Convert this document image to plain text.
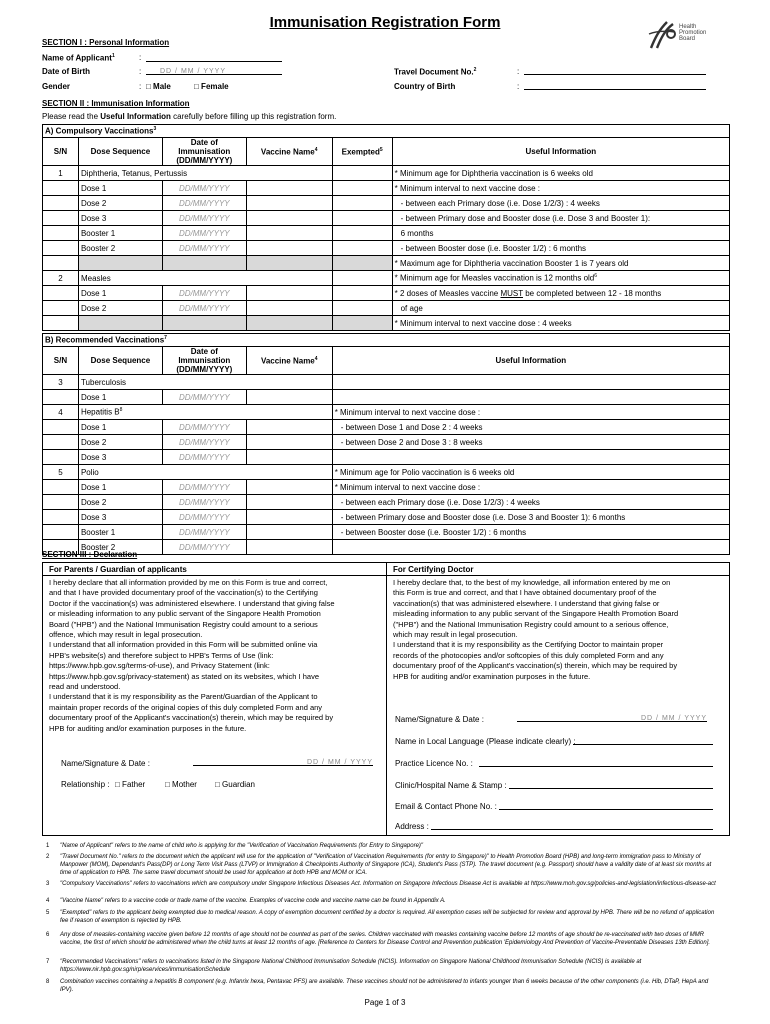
Immunisation Registration Form	Health
Promotion
Board
SECTION I : Personal Information
Name of Applicant$^1$	:
Date of Birth	:	DD / MM / YYYY
Gender	: □ Male	□ Female
Travel Document No.$^2$	:
Country of Birth	:
SECTION II : Immunisation Information
Please read the Useful Information carefully before filling up this registration form.
A) Compulsory Vaccinations$^3$
S/N	Dose Sequence	Date of Immunisation (DD/MM/YYYY)	Vaccine Name$^4$	Exempted$^5$	Useful Information
1	Diphtheria, Tetanus, Pertussis				* Minimum age for Diphtheria vaccination is 6 weeks old
	Dose 1	DD/MM/YYYY			* Minimum interval to next vaccine dose :
	Dose 2	DD/MM/YYYY			- between each Primary dose (i.e. Dose 1/2/3) : 4 weeks
	Dose 3	DD/MM/YYYY			- between Primary dose and Booster dose (i.e. Dose 3 and Booster 1):
	Booster 1	DD/MM/YYYY			6 months
	Booster 2	DD/MM/YYYY			- between Booster dose (i.e. Booster 1/2) : 6 months
					* Maximum age for Diphtheria vaccination Booster 1 is 7 years old
2	Measles				* Minimum age for Measles vaccination is 12 months old$^6$
	Dose 1	DD/MM/YYYY			* 2 doses of Measles vaccine MUST be completed between 12 - 18 months
	Dose 2	DD/MM/YYYY			of age
					* Minimum interval to next vaccine dose : 4 weeks
B) Recommended Vaccinations$^7$
S/N	Dose Sequence	Date of Immunisation (DD/MM/YYYY)	Vaccine Name$^4$	Useful Information
3	Tuberculosis			
	Dose 1	DD/MM/YYYY		
4	Hepatitis $B^8$			* Minimum interval to next vaccine dose :
	Dose 1	DD/MM/YYYY		- between Dose 1 and Dose 2 : 4 weeks
	Dose 2	DD/MM/YYYY		- between Dose 2 and Dose 3 : 8 weeks
	Dose 3	DD/MM/YYYY		
5	Polio			* Minimum age for Polio vaccination is 6 weeks old
	Dose 1	DD/MM/YYYY		* Minimum interval to next vaccine dose :
	Dose 2	DD/MM/YYYY		- between each Primary dose (i.e. Dose 1/2/3) : 4 weeks
	Dose 3	DD/MM/YYYY		- between Primary dose and Booster dose (i.e. Dose 3 and Booster 1): 6 months
	Booster 1	DD/MM/YYYY		- between Booster dose (i.e. Booster 1/2) : 6 months
	Booster 2	DD/MM/YYYY		
SECTION III : Declaration
For Parents / Guardian of applicants

I hereby declare that all information provided by me on this Form is true and correct,

and that I have provided documentary proof of the vaccination(s) to the Certifying

Doctor if the vaccination(s) was administered elsewhere. I understand that giving false

or misleading information to any public servant of the Singapore Health Promotion

Board ("HPB") and the National Immunisation Registry could amount to a serious

offence, which may result in legal prosecution.

I understand that all information provided in this Form will be submitted online via

HPB's website(s) and therefore subject to HPB's Terms of Use (link:

https://www.hpb.gov.sg/terms-of-use), and Privacy Statement (link:

https://www.hpb.gov.sg/privacy-statement) as stated on its websites, which I have

read and understood.

I understand that it is my responsibility as the Parent/Guardian of the Applicant to

maintain proper records of the original copies of this duly completed Form and any

documentary proof of the Applicant's vaccination(s) therein, which may be required by

HPB for auditing and/or examination purposes in the future.

Name/Signature & Date :	DD / MM / YYYY
Relationship : □ Father □ Mother □ Guardian
For Certifying Doctor

I hereby declare that, to the best of my knowledge, all information entered by me on

this Form is true and correct, and that I have obtained documentary proof of the

vaccination(s) that was administered elsewhere. I understand that giving false or

misleading information to any public servant of the Singapore Health Promotion Board

("HPB") and the National Immunisation Registry could amount to a serious offence,

which may result in legal prosecution.

I understand that it is my responsibility as the Certifying Doctor to maintain proper

records of the photocopies and/or softcopies of this duly completed Form and any

documentary proof of the Applicant's vaccination(s) therein, which may be required by

HPB for auditing and/or examination purposes in the future.

Name/Signature & Date :	DD / MM / YYYY
Name in Local Language (Please indicate clearly) :
Practice Licence No. :
Clinic/Hospital Name & Stamp :
Email & Contact Phone No. :
Address :
1 "Name of Applicant" refers to the name of child who is applying for the "Verification of Vaccination Requirements (for Entry to Singapore)"
2 "Travel Document No." refers to the document which the applicant will use for the application of "Verification of Vaccination Requirements (for entry to Singapore)" to Health Promotion Board (HPB) and long-term immigration pass to Ministry of Manpower (MOM), Dependant's Pass(DP) or Long Term Visit Pass (LTVP) or Immigration & Checkpoints Authority of Singapore (ICA), Student's Pass (STP). The travel document (e.g. Passport) should have a validity date of at least six months at time of application to HPB. The same travel document should be used for application at both HPB and MOM or ICA.
3 "Compulsory Vaccinations" refers to vaccinations which are compulsory under Singapore Infectious Diseases Act. Information on Singapore Infectious Disease Act is available at https://www.moh.gov.sg/policies-and-legislation/infectious-disease-act
4 "Vaccine Name" refers to a vaccine code or trade name of the vaccine. Examples of vaccine code and vaccine name can be found in Appendix A.
5 "Exempted" refers to the applicant being exempted due to medical reason. A copy of exemption document certified by a doctor is required. All exemption cases will be subjected for review and approval by HPB. There will be no refund of application fee if reason of exemption is rejected by HPB.
6 Any dose of measles-containing vaccine given before 12 months of age should not be counted as part of the series. Children vaccinated with measles containing vaccine before 12 months of age should be re-vaccinated with two doses of MMR vaccine, the first of which should be administered when the child turns at least 12 months of age. [Reference to Centers for Disease Control and Prevention publication 'Epidemiology And Prevention of Vaccine-Preventable Diseases 13th Edition].
7 "Recommended Vaccinations" refers to vaccinations listed in the Singapore National Childhood Immunisation Schedule (NCIS). Information on Singapore National Childhood Immunisation Schedule (NCIS) is available at https://www.nir.hpb.gov.sg/nirp/eservices/immunisationSchedule
8 Combination vaccines containing a hepatitis B component (e.g. Infanrix hexa, Pentavac PFS) are available. These vaccines should not be administered to infants younger than 6 weeks because of the other components (i.e. Hib, DTaP, HepA and IPV).
Page 1 of 3
